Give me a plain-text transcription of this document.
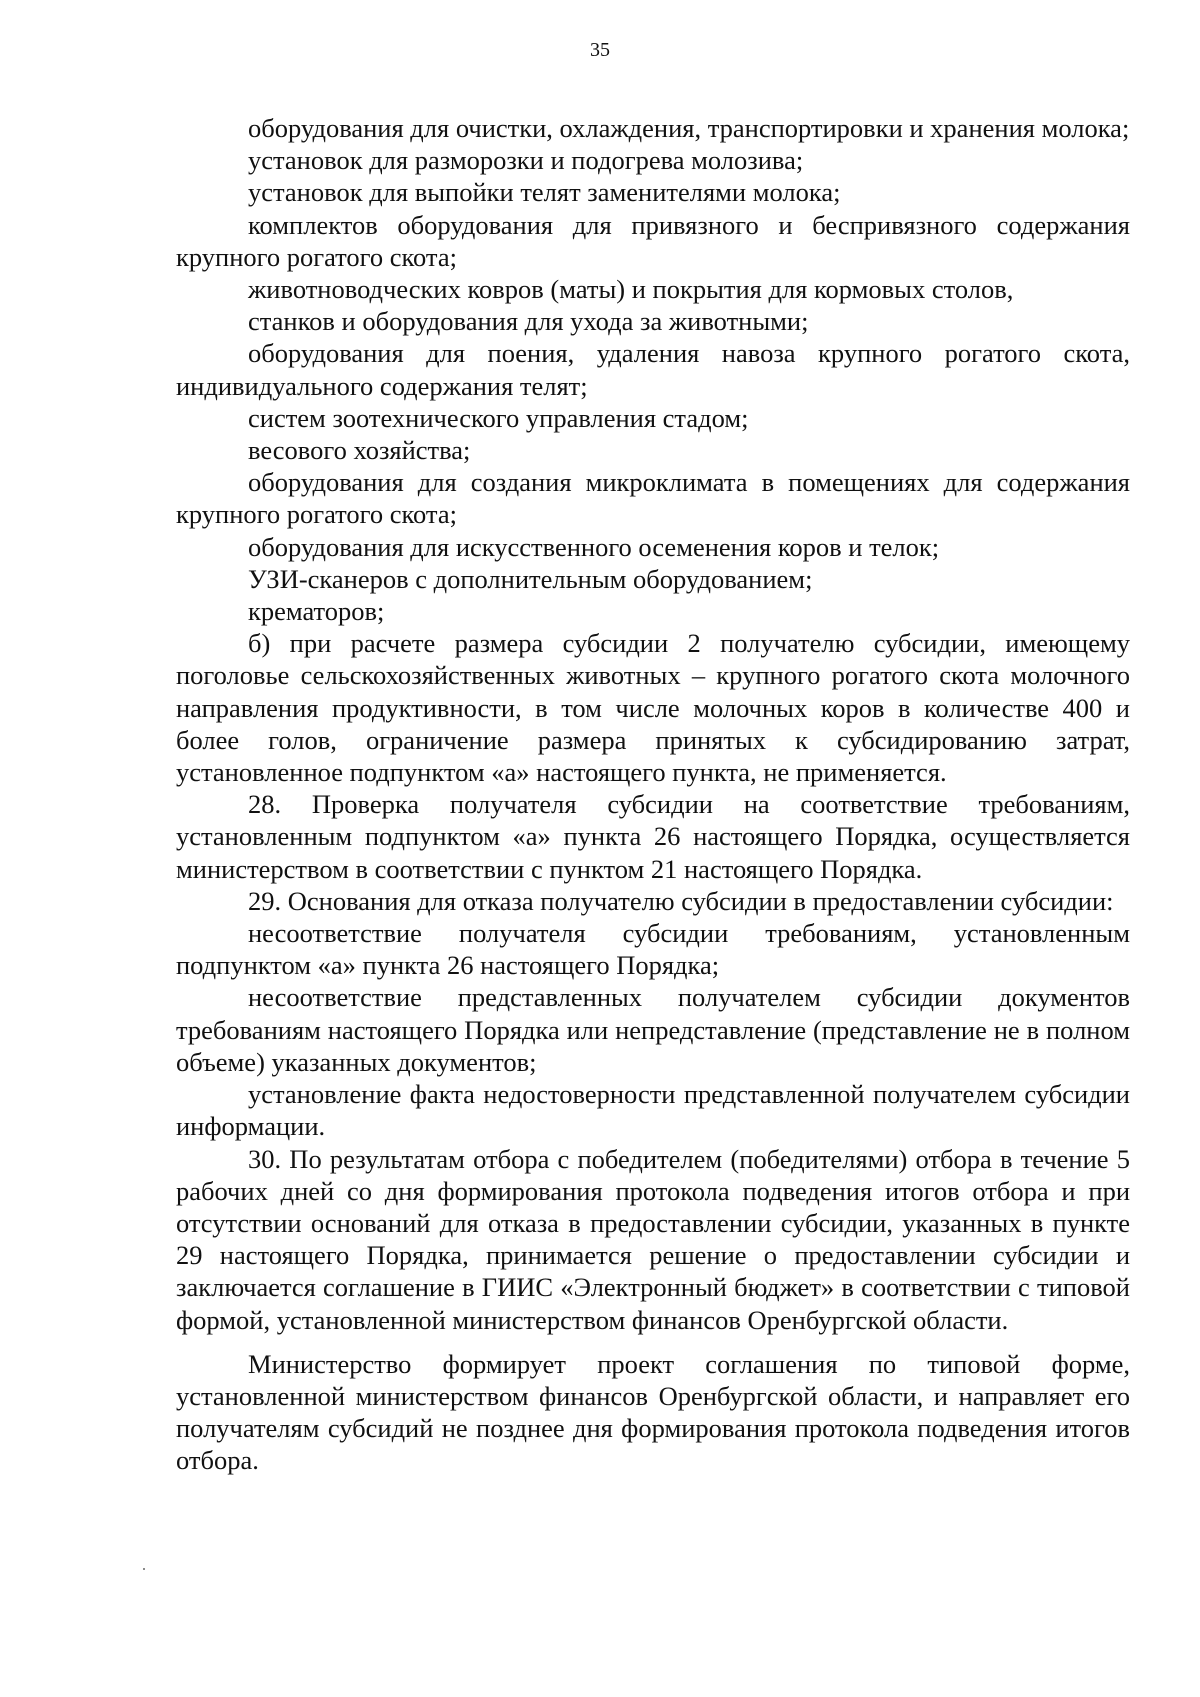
35

оборудования для очистки, охлаждения, транспортировки и хранения молока;

установок для разморозки и подогрева молозива;

установок для выпойки телят заменителями молока;

комплектов оборудования для привязного и беспривязного содержания крупного рогатого скота;

животноводческих ковров (маты) и покрытия для кормовых столов,

станков и оборудования для ухода за животными;

оборудования для поения, удаления навоза крупного рогатого скота, индивидуального содержания телят;

систем зоотехнического управления стадом;

весового хозяйства;

оборудования для создания микроклимата в помещениях для содержания крупного рогатого скота;

оборудования для искусственного осеменения коров и телок;

УЗИ-сканеров с дополнительным оборудованием;

крематоров;

б) при расчете размера субсидии 2 получателю субсидии, имеющему поголовье сельскохозяйственных животных – крупного рогатого скота молочного направления продуктивности, в том числе молочных коров в количестве 400 и более голов, ограничение размера принятых к субсидированию затрат, установленное подпунктом «а» настоящего пункта, не применяется.

28. Проверка получателя субсидии на соответствие требованиям, установленным подпунктом «а» пункта 26 настоящего Порядка, осуществляется министерством в соответствии с пунктом 21 настоящего Порядка.

29. Основания для отказа получателю субсидии в предоставлении субсидии:

несоответствие получателя субсидии требованиям, установленным подпунктом «а» пункта 26 настоящего Порядка;

несоответствие представленных получателем субсидии документов требованиям настоящего Порядка или непредставление (представление не в полном объеме) указанных документов;

установление факта недостоверности представленной получателем субсидии информации.

30. По результатам отбора с победителем (победителями) отбора в течение 5 рабочих дней со дня формирования протокола подведения итогов отбора и при отсутствии оснований для отказа в предоставлении субсидии, указанных в пункте 29 настоящего Порядка, принимается решение о предоставлении субсидии и заключается соглашение в ГИИС «Электронный бюджет» в соответствии с типовой формой, установленной министерством финансов Оренбургской области.

Министерство формирует проект соглашения по типовой форме, установленной министерством финансов Оренбургской области, и направляет его получателям субсидий не позднее дня формирования протокола подведения итогов отбора.
